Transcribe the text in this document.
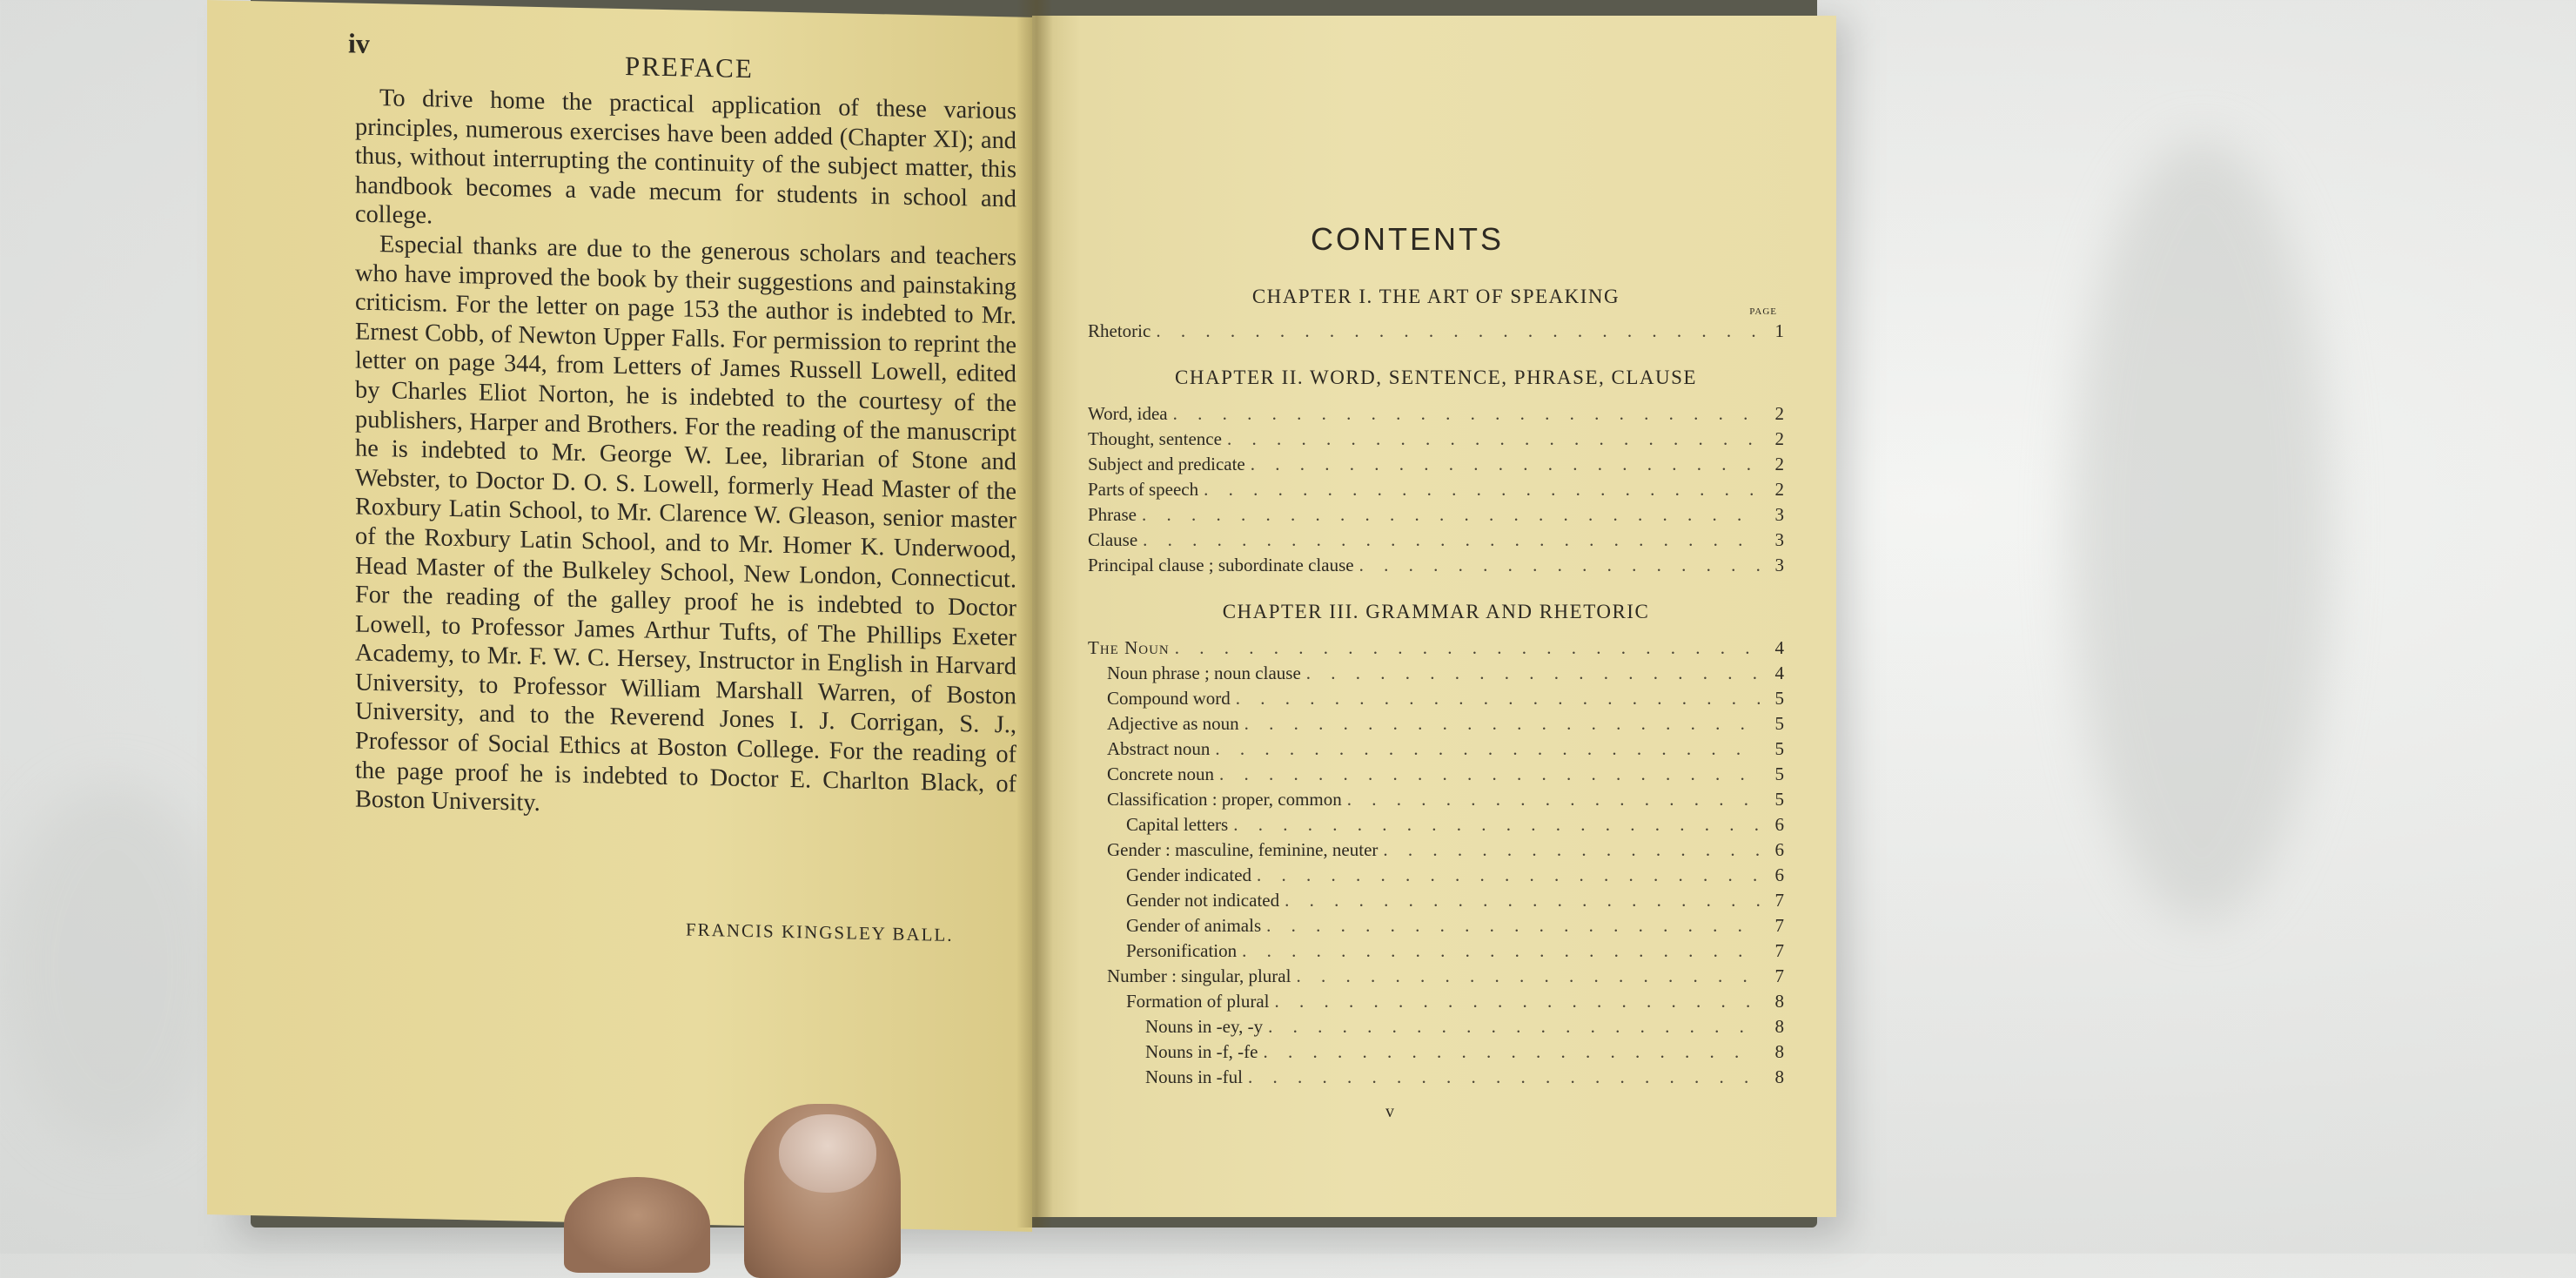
iv
PREFACE

To drive home the practical application of these various principles, numerous exercises have been added (Chapter XI); and thus, without interrupting the continuity of the subject matter, this handbook becomes a vade mecum for students in school and college.

Especial thanks are due to the generous scholars and teachers who have improved the book by their suggestions and painstaking criticism. For the letter on page 153 the author is indebted to Mr. Ernest Cobb, of Newton Upper Falls. For permission to reprint the letter on page 344, from Letters of James Russell Lowell, edited by Charles Eliot Norton, he is indebted to the courtesy of the publishers, Harper and Brothers. For the reading of the manuscript he is indebted to Mr. George W. Lee, librarian of Stone and Webster, to Doctor D. O. S. Lowell, formerly Head Master of the Roxbury Latin School, to Mr. Clarence W. Gleason, senior master of the Roxbury Latin School, and to Mr. Homer K. Underwood, Head Master of the Bulkeley School, New London, Connecticut. For the reading of the galley proof he is indebted to Doctor Lowell, to Professor James Arthur Tufts, of The Phillips Exeter Academy, to Mr. F. W. C. Hersey, Instructor in English in Harvard University, to Professor William Marshall Warren, of Boston University, and to the Reverend Jones I. J. Corrigan, S. J., Professor of Social Ethics at Boston College. For the reading of the page proof he is indebted to Doctor E. Charlton Black, of Boston University.

FRANCIS KINGSLEY BALL.
CONTENTS
CHAPTER I. THE ART OF SPEAKING
PAGE
Rhetoric . . .	1
CHAPTER II. WORD, SENTENCE, PHRASE, CLAUSE
Word, idea . . .	2
Thought, sentence . . .	2
Subject and predicate . . .	2
Parts of speech . . .	2
Phrase . . .	3
Clause . . .	3
Principal clause ; subordinate clause . . .	3
CHAPTER III. GRAMMAR AND RHETORIC
The Noun . . .	4
Noun phrase ; noun clause . . .	4
Compound word . . .	5
Adjective as noun . . .	5
Abstract noun . . .	5
Concrete noun . . .	5
Classification : proper, common . . .	5
Capital letters . . .	6
Gender : masculine, feminine, neuter . . .	6
Gender indicated . . .	6
Gender not indicated . . .	7
Gender of animals . . .	7
Personification . . .	7
Number : singular, plural . . .	7
Formation of plural . . .	8
Nouns in -ey, -y . . .	8
Nouns in -f, -fe . . .	8
Nouns in -ful . . .	8
v
